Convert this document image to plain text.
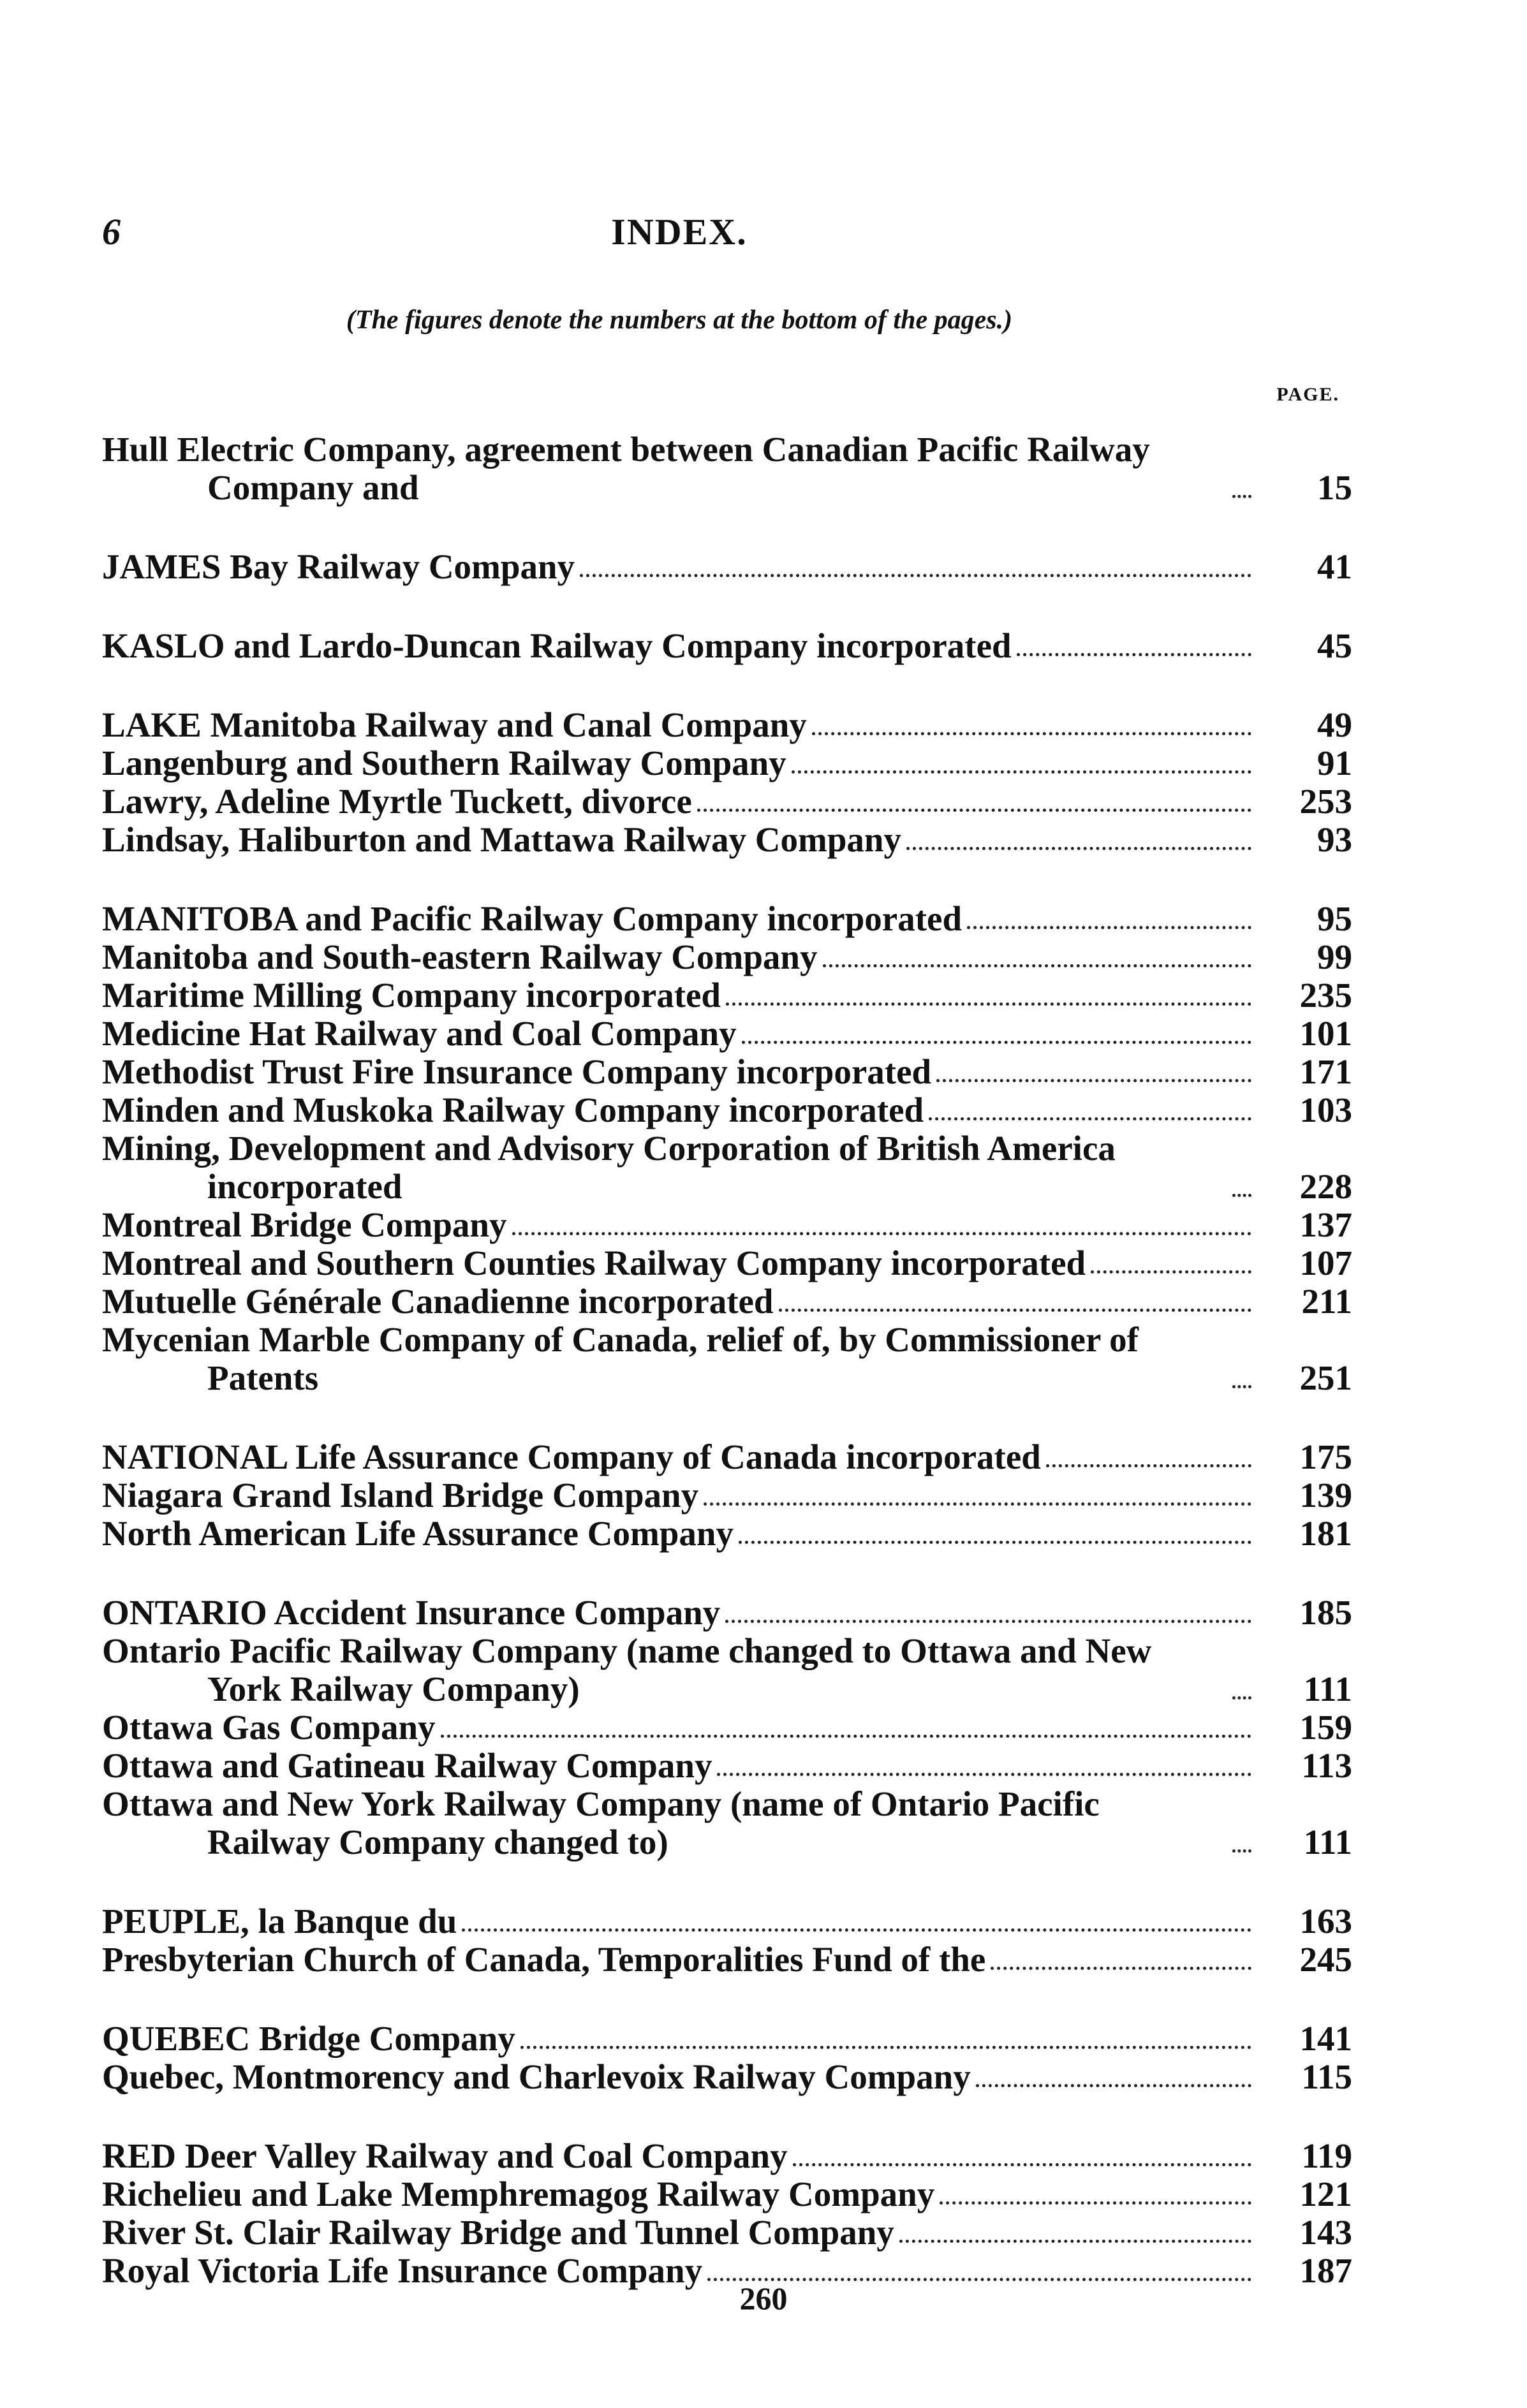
6	INDEX.
(The figures denote the numbers at the bottom of the pages.)
PAGE.
Hull Electric Company, agreement between Canadian Pacific Railway Company and	15
JAMES Bay Railway Company	41
KASLO and Lardo-Duncan Railway Company incorporated	45
LAKE Manitoba Railway and Canal Company	49
Langenburg and Southern Railway Company	91
Lawry, Adeline Myrtle Tuckett, divorce	253
Lindsay, Haliburton and Mattawa Railway Company	93
MANITOBA and Pacific Railway Company incorporated	95
Manitoba and South-eastern Railway Company	99
Maritime Milling Company incorporated	235
Medicine Hat Railway and Coal Company	101
Methodist Trust Fire Insurance Company incorporated	171
Minden and Muskoka Railway Company incorporated	103
Mining, Development and Advisory Corporation of British America incorporated	228
Montreal Bridge Company	137
Montreal and Southern Counties Railway Company incorporated	107
Mutuelle Générale Canadienne incorporated	211
Mycenian Marble Company of Canada, relief of, by Commissioner of Patents	251
NATIONAL Life Assurance Company of Canada incorporated	175
Niagara Grand Island Bridge Company	139
North American Life Assurance Company	181
ONTARIO Accident Insurance Company	185
Ontario Pacific Railway Company (name changed to Ottawa and New York Railway Company)	111
Ottawa Gas Company	159
Ottawa and Gatineau Railway Company	113
Ottawa and New York Railway Company (name of Ontario Pacific Railway Company changed to)	111
PEUPLE, la Banque du	163
Presbyterian Church of Canada, Temporalities Fund of the	245
QUEBEC Bridge Company	141
Quebec, Montmorency and Charlevoix Railway Company	115
RED Deer Valley Railway and Coal Company	119
Richelieu and Lake Memphremagog Railway Company	121
River St. Clair Railway Bridge and Tunnel Company	143
Royal Victoria Life Insurance Company	187
260
